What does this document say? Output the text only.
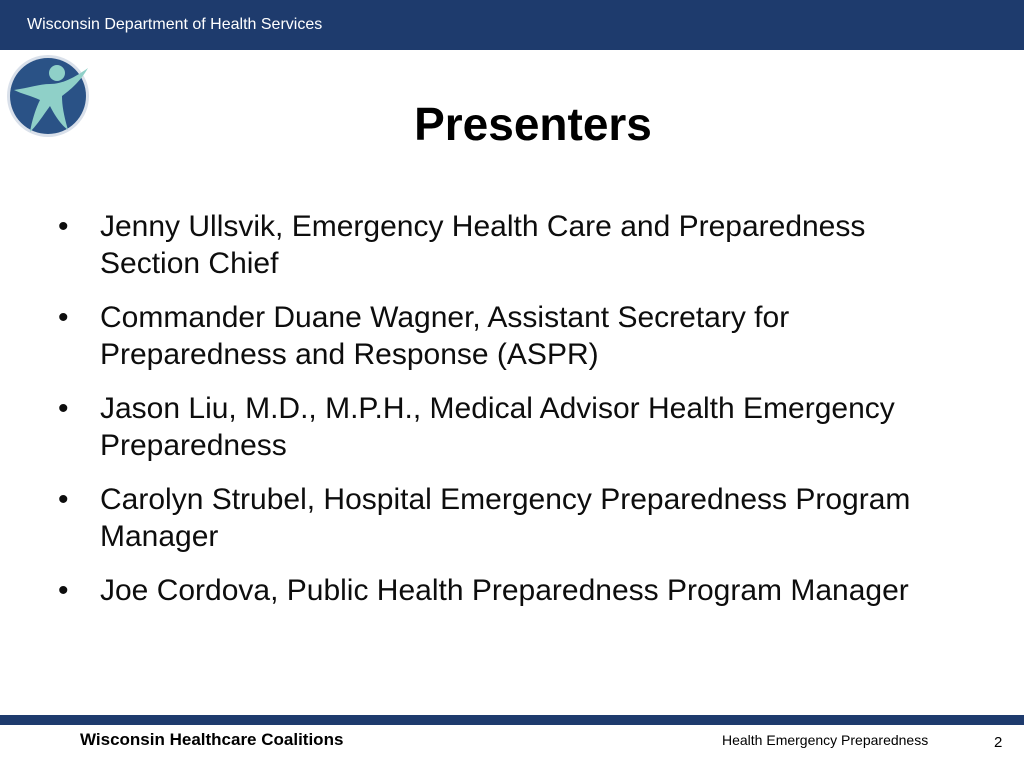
Wisconsin Department of Health Services
Presenters
• Jenny Ullsvik, Emergency Health Care and Preparedness Section Chief
• Commander Duane Wagner, Assistant Secretary for Preparedness and Response (ASPR)
• Jason Liu, M.D., M.P.H., Medical Advisor Health Emergency Preparedness
• Carolyn Strubel, Hospital Emergency Preparedness Program Manager
• Joe Cordova, Public Health Preparedness Program Manager
Wisconsin Healthcare Coalitions	Health Emergency Preparedness	2
